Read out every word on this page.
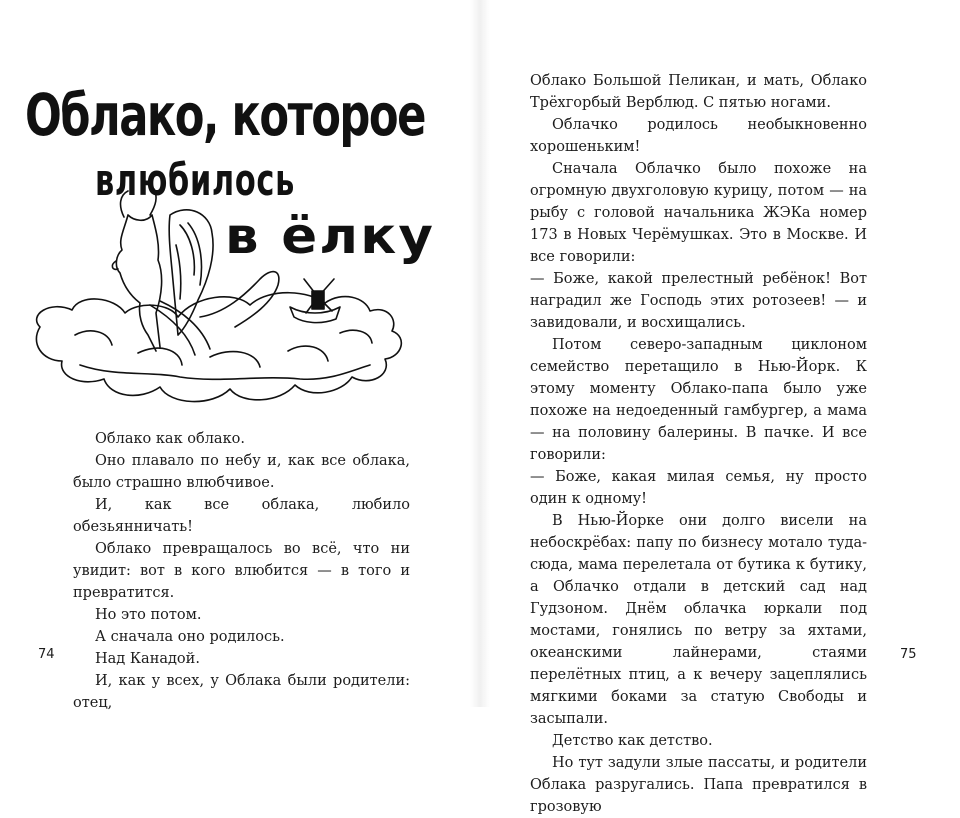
Облако, которое
влюбилось
в ёлку

Облако как облако.

Оно плавало по небу и, как все облака, было страшно влюбчивое.

И, как все облака, любило обезьянничать!

Облако превращалось во всё, что ни увидит: вот в кого влюбится — в того и превратится.

Но это потом.

А сначала оно родилось.

Над Канадой.

И, как у всех, у Облака были родители: отец,

74

Облако Большой Пеликан, и мать, Облако Трёхгорбый Верблюд. С пятью ногами.

Облачко родилось необыкновенно хорошеньким!

Сначала Облачко было похоже на огромную двухголовую курицу, потом — на рыбу с головой начальника ЖЭКа номер 173 в Новых Черёмушках. Это в Москве. И все говорили:

— Боже, какой прелестный ребёнок! Вот наградил же Господь этих ротозеев! — и завидовали, и восхищались.

Потом северо-западным циклоном семейство перетащило в Нью-Йорк. К этому моменту Облако-папа было уже похоже на недоеденный гамбургер, а мама — на половину балерины. В пачке. И все говорили:

— Боже, какая милая семья, ну просто один к одному!

В Нью-Йорке они долго висели на небоскрёбах: папу по бизнесу мотало туда-сюда, мама перелетала от бутика к бутику, а Облачко отдали в детский сад над Гудзоном. Днём облачка юркали под мостами, гонялись по ветру за яхтами, океанскими лайнерами, стаями перелётных птиц, а к вечеру зацеплялись мягкими боками за статую Свободы и засыпали.

Детство как детство.

Но тут задули злые пассаты, и родители Облака разругались. Папа превратился в грозовую

75
